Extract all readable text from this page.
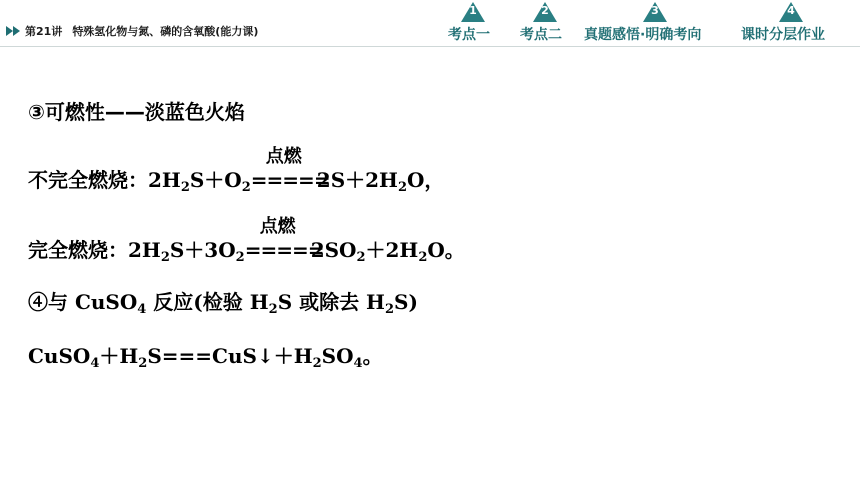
第21讲 特殊氢化物与氮、磷的含氧酸(能力课)
1
考点一
2
考点二
3
真题感悟·明确考向
4
课时分层作业
③可燃性——淡蓝色火焰
不完全燃烧：$2H_2S+O_2$
点燃
$=====2S+2H_2O$，
完全燃烧：$2H_2S+3O_2$
点燃
$=====2SO_2+2H_2O$。
④与 CuSO$_4$ 反应(检验 $H_2S$ 或除去 $H_2S$)
$CuSO_4+H_2S===CuS↓+H_2SO_4$。
